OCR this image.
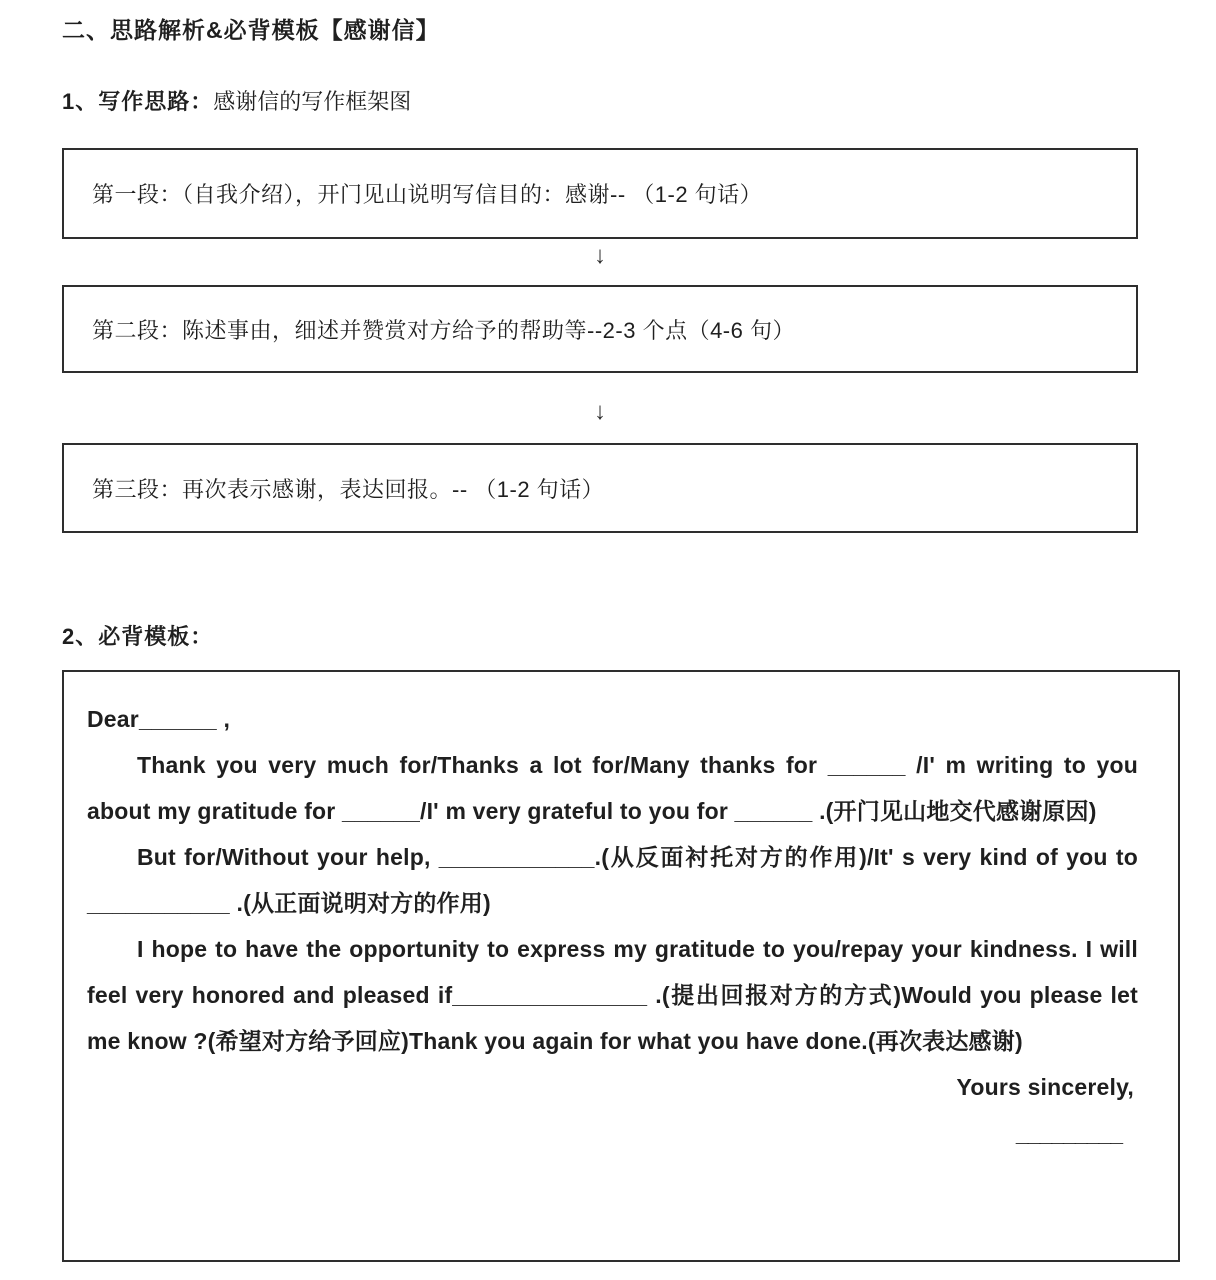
二、思路解析&必背模板【感谢信】
1、写作思路：感谢信的写作框架图
第一段：（自我介绍），开门见山说明写信目的：感谢-- （1-2 句话）
↓
第二段：陈述事由，细述并赞赏对方给予的帮助等--2-3 个点（4-6 句）
↓
第三段：再次表示感谢，表达回报。-- （1-2 句话）
2、必背模板：

Dear______ ,

Thank you very much for/Thanks a lot for/Many thanks for ______ /I' m writing to you about my gratitude for ______/I' m very grateful to you for ______ .(开门见山地交代感谢原因)

But for/Without your help, ____________.(从反面衬托对方的作用)/It' s very kind of you to ___________ .(从正面说明对方的作用)

I hope to have the opportunity to express my gratitude to you/repay your kindness. I will feel very honored and pleased if_______________ .(提出回报对方的方式)Would you please let me know ?(希望对方给予回应)Thank you again for what you have done.(再次表达感谢)

Yours sincerely,

_________
